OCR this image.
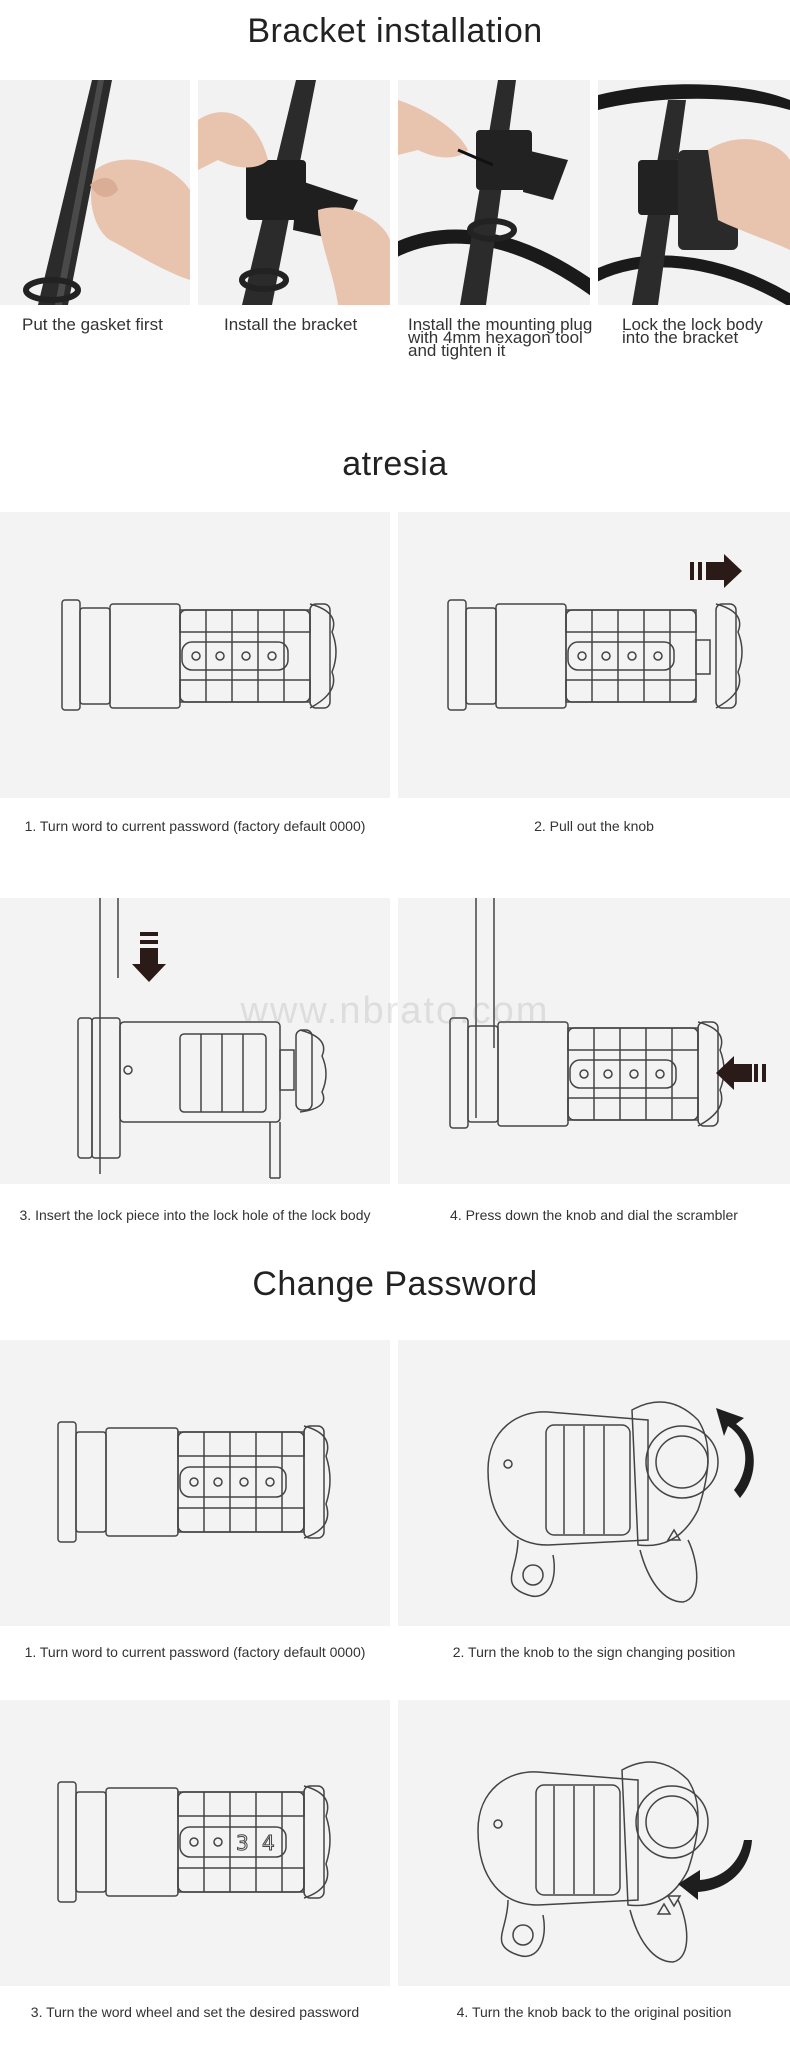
Bracket installation
Put the gasket first	Install the bracket	Install the mounting plug with 4mm hexagon tool and tighten it
Lock the lock body into the bracket
atresia
1. Turn word to current password (factory default 0000)	2. Pull out the knob
3. Insert the lock piece into the lock hole of the lock body	4. Press down the knob and dial the scrambler
www.nbrato.com
Change Password
1. Turn word to current password (factory default 0000)	2. Turn the knob to the sign changing position
3 4
3. Turn the word wheel and set the desired password	4. Turn the knob back to the original position
